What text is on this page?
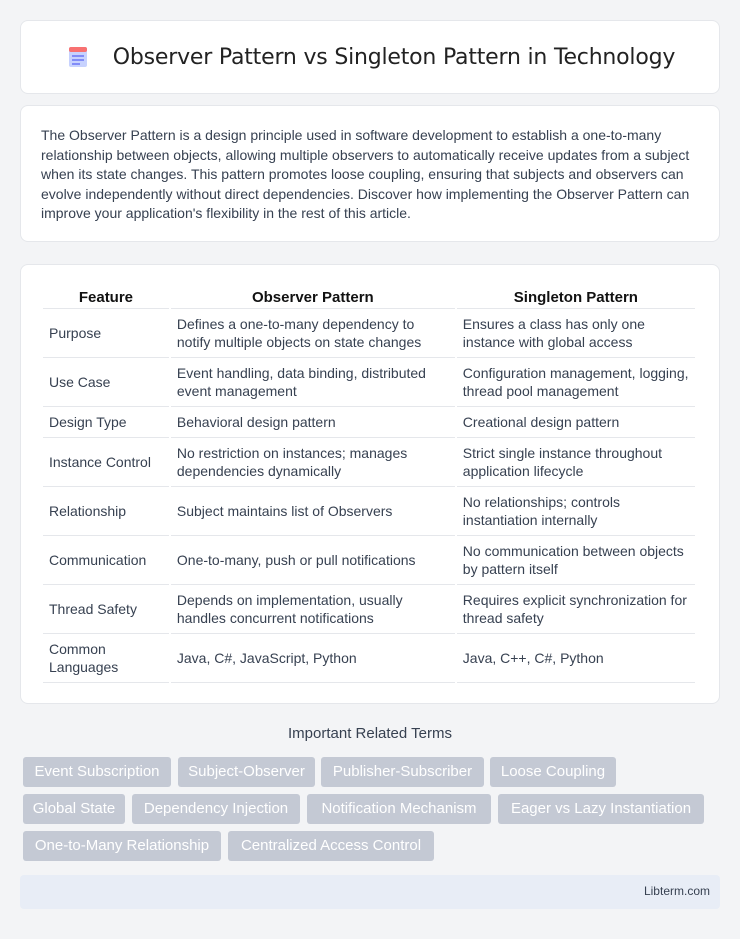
Observer Pattern vs Singleton Pattern in Technology

The Observer Pattern is a design principle used in software development to establish a one-to-many relationship between objects, allowing multiple observers to automatically receive updates from a subject when its state changes. This pattern promotes loose coupling, ensuring that subjects and observers can evolve independently without direct dependencies. Discover how implementing the Observer Pattern can improve your application's flexibility in the rest of this article.

Feature	Observer Pattern	Singleton Pattern
Purpose	Defines a one-to-many dependency to notify multiple objects on state changes	Ensures a class has only one instance with global access
Use Case	Event handling, data binding, distributed event management	Configuration management, logging, thread pool management
Design Type	Behavioral design pattern	Creational design pattern
Instance Control	No restriction on instances; manages dependencies dynamically	Strict single instance throughout application lifecycle
Relationship	Subject maintains list of Observers	No relationships; controls instantiation internally
Communication	One-to-many, push or pull notifications	No communication between objects by pattern itself
Thread Safety	Depends on implementation, usually handles concurrent notifications	Requires explicit synchronization for thread safety
Common Languages	Java, C#, JavaScript, Python	Java, C++, C#, Python
Important Related Terms
Event Subscription	Subject-Observer	Publisher-Subscriber	Loose Coupling
Global State	Dependency Injection	Notification Mechanism	Eager vs Lazy Instantiation
One-to-Many Relationship	Centralized Access Control
Libterm.com
